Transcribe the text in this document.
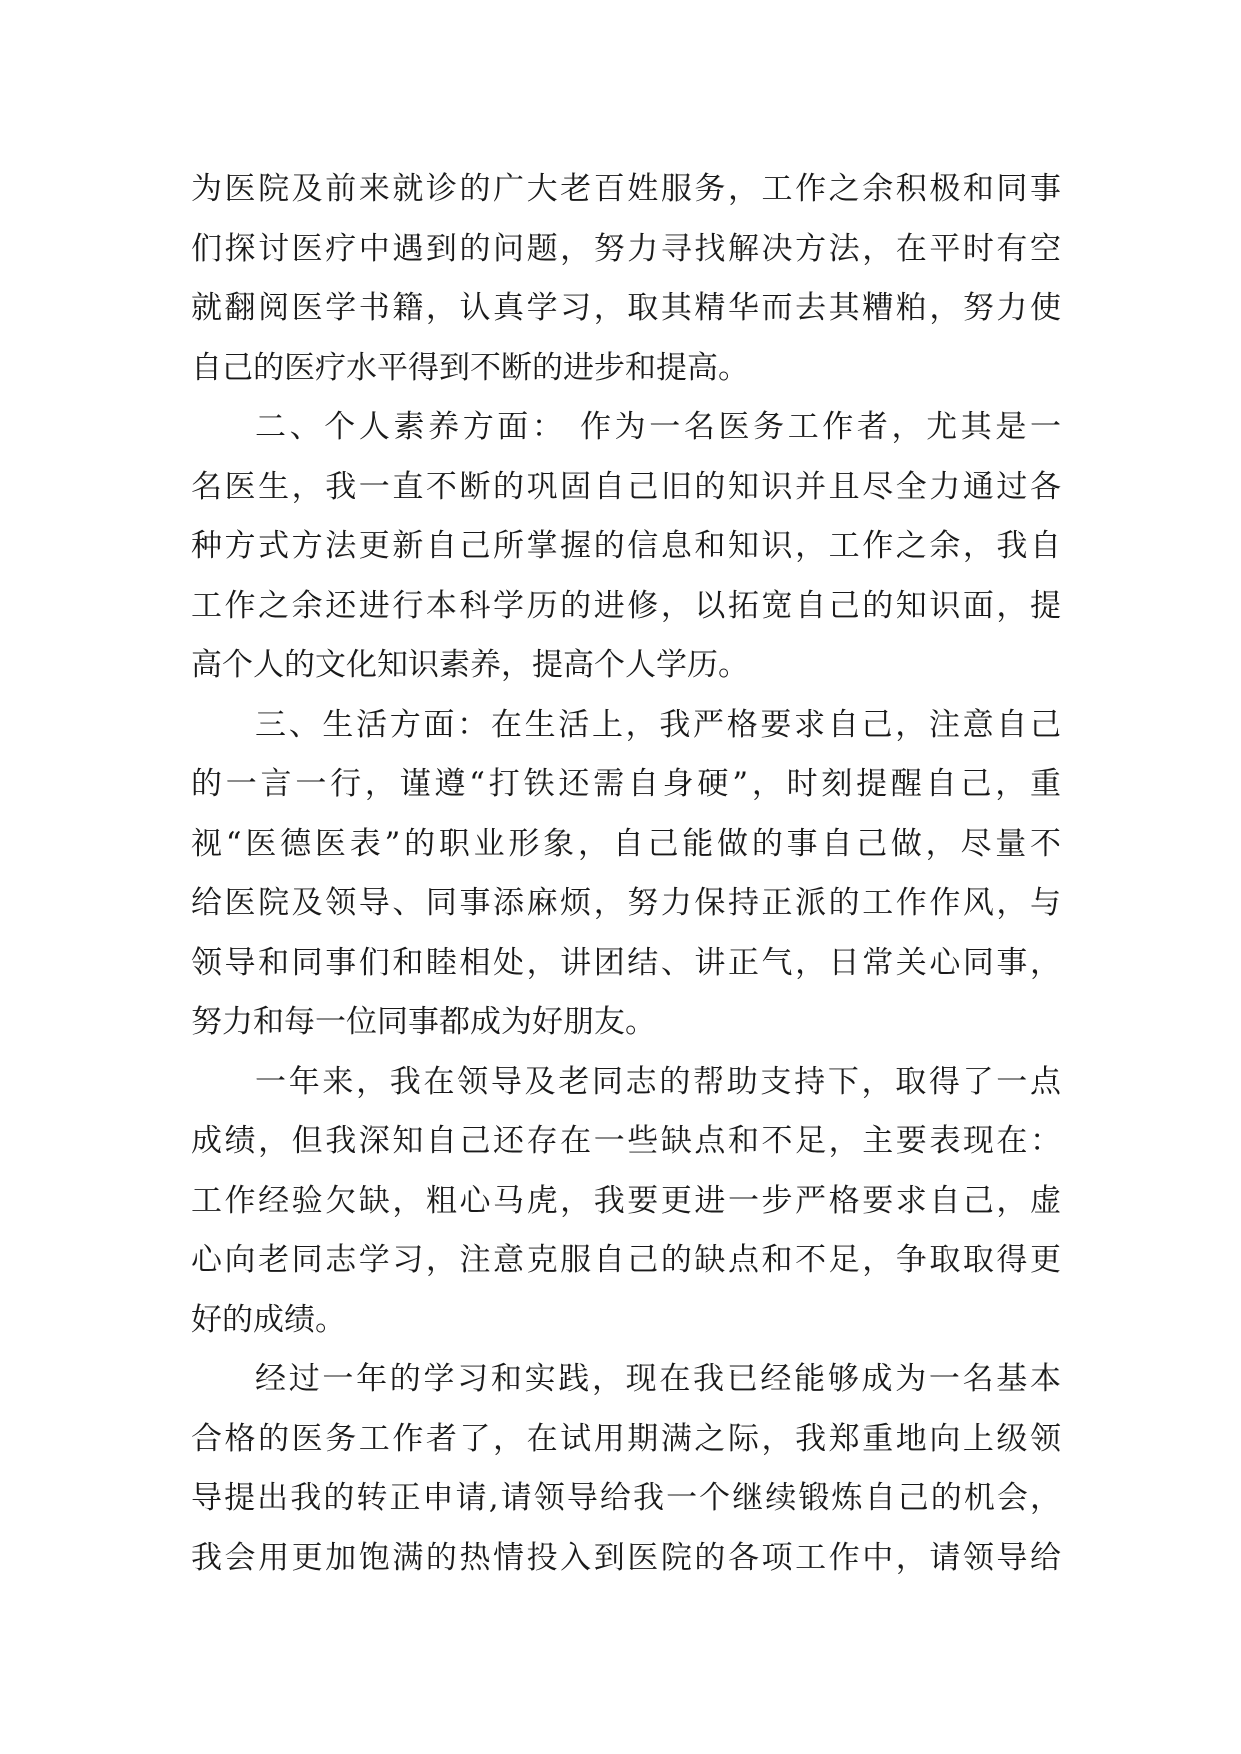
为医院及前来就诊的广大老百姓服务，工作之余积极和同事
们探讨医疗中遇到的问题，努力寻找解决方法，在平时有空
就翻阅医学书籍，认真学习，取其精华而去其糟粕，努力使
自己的医疗水平得到不断的进步和提高。
二、个人素养方面： 作为一名医务工作者，尤其是一
名医生，我一直不断的巩固自己旧的知识并且尽全力通过各
种方式方法更新自己所掌握的信息和知识，工作之余，我自
工作之余还进行本科学历的进修，以拓宽自己的知识面，提
高个人的文化知识素养，提高个人学历。
三、生活方面：在生活上，我严格要求自己，注意自己
的一言一行，谨遵“打铁还需自身硬”，时刻提醒自己，重
视“医德医表”的职业形象，自己能做的事自己做，尽量不
给医院及领导、同事添麻烦，努力保持正派的工作作风，与
领导和同事们和睦相处，讲团结、讲正气，日常关心同事，
努力和每一位同事都成为好朋友。
一年来，我在领导及老同志的帮助支持下，取得了一点
成绩，但我深知自己还存在一些缺点和不足，主要表现在：
工作经验欠缺，粗心马虎，我要更进一步严格要求自己，虚
心向老同志学习，注意克服自己的缺点和不足，争取取得更
好的成绩。
经过一年的学习和实践，现在我已经能够成为一名基本
合格的医务工作者了，在试用期满之际，我郑重地向上级领
导提出我的转正申请,请领导给我一个继续锻炼自己的机会，
我会用更加饱满的热情投入到医院的各项工作中，请领导给
